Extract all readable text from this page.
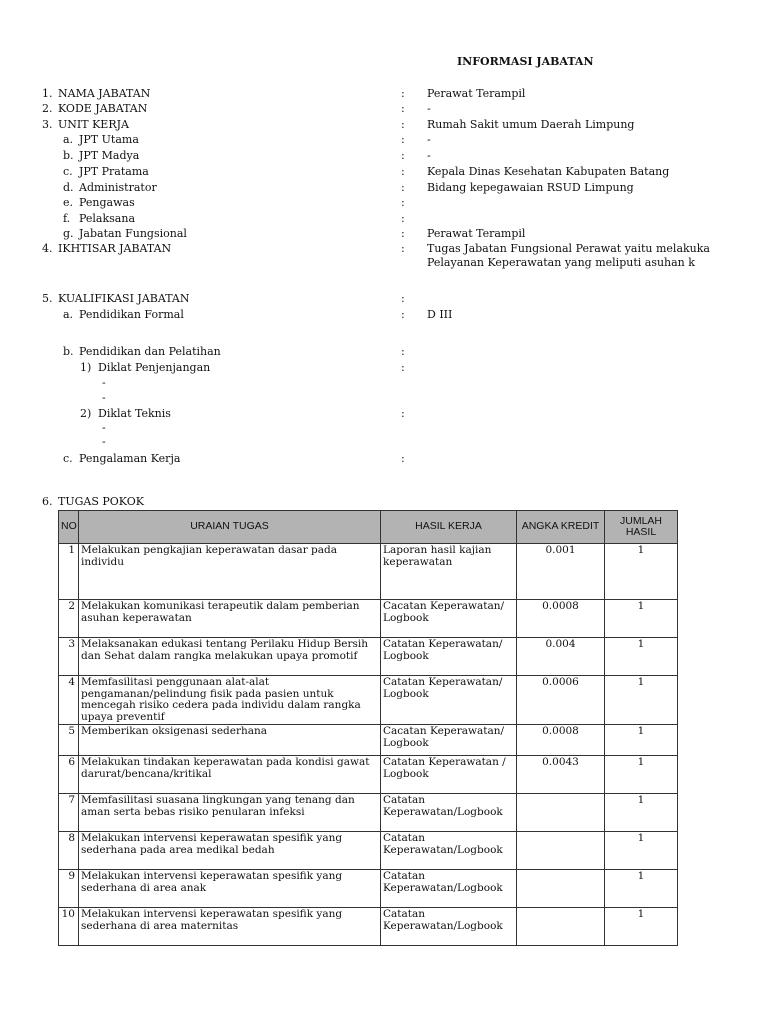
INFORMASI JABATAN
1. NAMA JABATAN	: Perawat Terampil
2. KODE JABATAN	: -
3. UNIT KERJA	: Rumah Sakit umum Daerah Limpung
a. JPT Utama	: -
b. JPT Madya	: -
c. JPT Pratama	: Kepala Dinas Kesehatan Kabupaten Batang
d. Administrator	: Bidang kepegawaian RSUD Limpung
e. Pengawas	:
f. Pelaksana	:
g. Jabatan Fungsional	: Perawat Terampil
4. IKHTISAR JABATAN	: Tugas Jabatan Fungsional Perawat yaitu melakuka
Pelayanan Keperawatan yang meliputi asuhan k
5. KUALIFIKASI JABATAN	:
a. Pendidikan Formal	: D III
b. Pendidikan dan Pelatihan	:
1) Diklat Penjenjangan	:
-
-
2) Diklat Teknis	:
-
-
c. Pengalaman Kerja	:
6. TUGAS POKOK
NO	URAIAN TUGAS	HASIL KERJA	ANGKA KREDIT	JUMLAH HASIL
1	Melakukan pengkajian keperawatan dasar pada individu	Laporan hasil kajian keperawatan	0.001	1
2	Melakukan komunikasi terapeutik dalam pemberian asuhan keperawatan	Cacatan Keperawatan/ Logbook	0.0008	1
3	Melaksanakan edukasi tentang Perilaku Hidup Bersih dan Sehat dalam rangka melakukan upaya promotif	Catatan Keperawatan/ Logbook	0.004	1
4	Memfasilitasi penggunaan alat-alat pengamanan/pelindung fisik pada pasien untuk mencegah risiko cedera pada individu dalam rangka upaya preventif	Catatan Keperawatan/ Logbook	0.0006	1
5	Memberikan oksigenasi sederhana	Cacatan Keperawatan/ Logbook	0.0008	1
6	Melakukan tindakan keperawatan pada kondisi gawat darurat/bencana/kritikal	Catatan Keperawatan / Logbook	0.0043	1
7	Memfasilitasi suasana lingkungan yang tenang dan aman serta bebas risiko penularan infeksi	Catatan Keperawatan/Logbook		1
8	Melakukan intervensi keperawatan spesifik yang sederhana pada area medikal bedah	Catatan Keperawatan/Logbook		1
9	Melakukan intervensi keperawatan spesifik yang sederhana di area anak	Catatan Keperawatan/Logbook		1
10	Melakukan intervensi keperawatan spesifik yang sederhana di area maternitas	Catatan Keperawatan/Logbook		1
